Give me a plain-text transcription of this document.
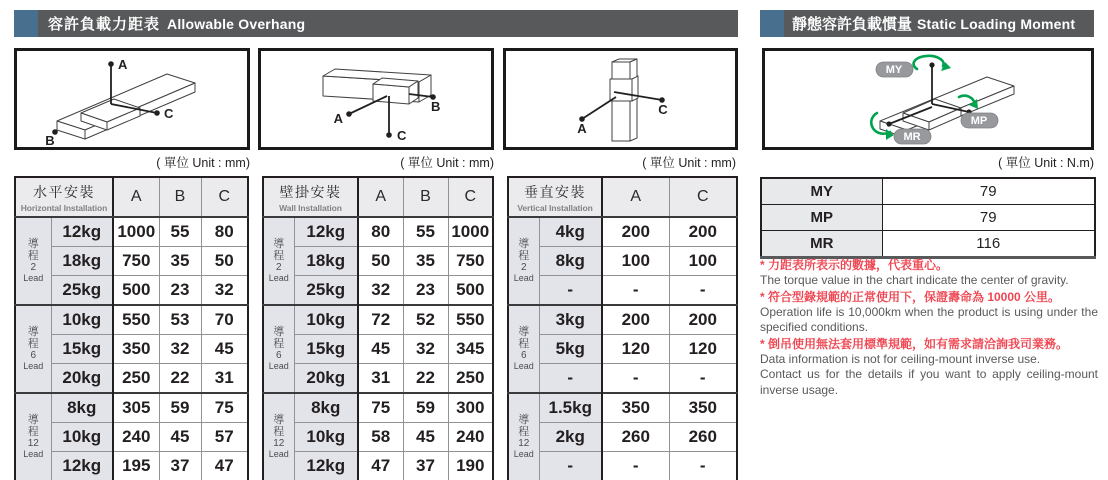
容許負載力距表 Allowable Overhang	靜態容許負載慣量 Static Loading Moment
A
B
C	A
B
C	A
C
MY
MP
MR
( 單位 Unit : mm)	( 單位 Unit : mm)	( 單位 Unit : mm)	( 單位 Unit : N.m)
水平安裝
Horizontal Installation		A	B	C

導
程
2
Lead	12kg	1000	55	80
	18kg	750	35	50
	25kg	500	23	32

導
程
6
Lead	10kg	550	53	70
	15kg	350	32	45
	20kg	250	22	31

導
程
12
Lead	8kg	305	59	75
	10kg	240	45	57
	12kg	195	37	47
壁掛安裝
Wall Installation		A	B	C

導
程
2
Lead	12kg	80	55	1000
	18kg	50	35	750
	25kg	32	23	500

導
程
6
Lead	10kg	72	52	550
	15kg	45	32	345
	20kg	31	22	250

導
程
12
Lead	8kg	75	59	300
	10kg	58	45	240
	12kg	47	37	190
垂直安裝
Vertical Installation		A	C

導
程
2
Lead	4kg	200	200
	8kg	100	100
	-	-	-

導
程
6
Lead	3kg	200	200
	5kg	120	120
	-	-	-

導
程
12
Lead	1.5kg	350	350
	2kg	260	260
	-	-	-
MY	79
MP	79
MR	116
* 力距表所表示的數據，代表重心。
The torque value in the chart indicate the center of gravity.
* 符合型錄規範的正常使用下，保證壽命為 10000 公里。
Operation life is 10,000km when the product is using under the specified conditions.
* 倒吊使用無法套用標準規範，如有需求請洽詢我司業務。
Data information is not for ceiling-mount inverse use.
Contact us for the details if you want to apply ceiling-mount inverse usage.
